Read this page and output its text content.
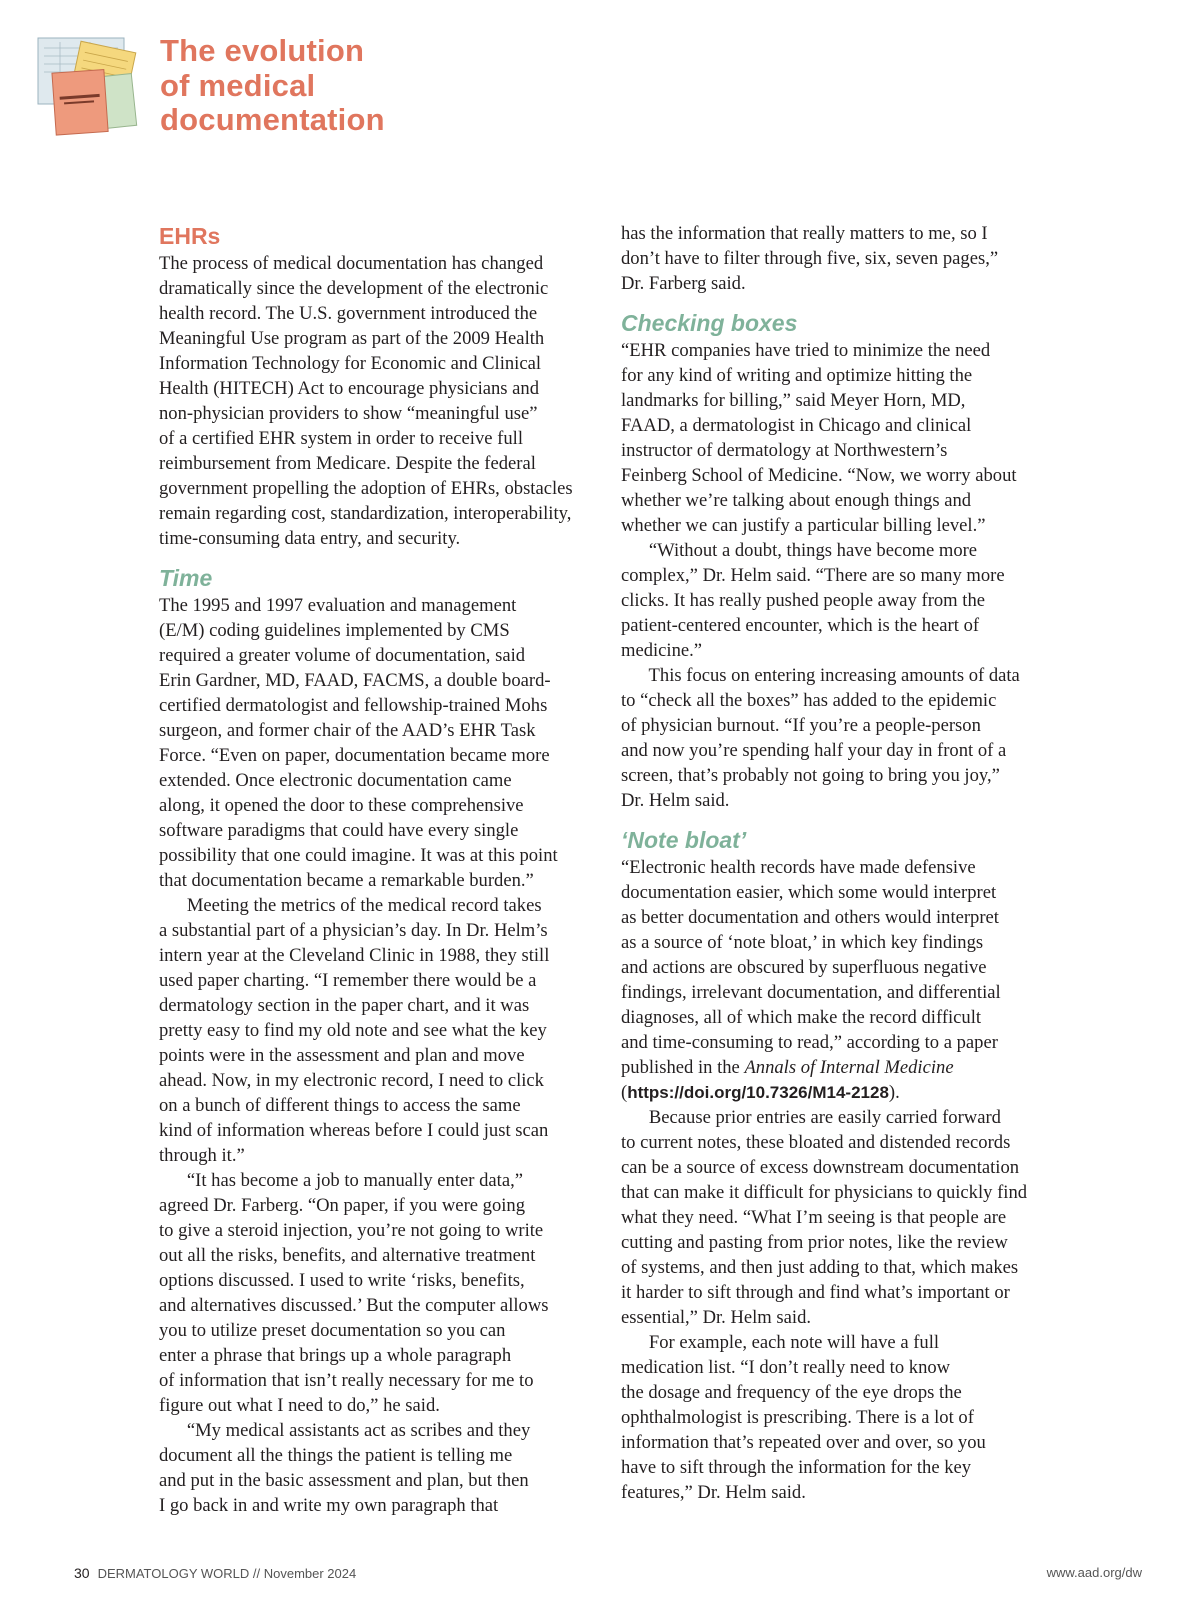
The evolution
of medical
documentation
EHRs
The process of medical documentation has changed
dramatically since the development of the electronic
health record. The U.S. government introduced the
Meaningful Use program as part of the 2009 Health
Information Technology for Economic and Clinical
Health (HITECH) Act to encourage physicians and
non-physician providers to show “meaningful use”
of a certified EHR system in order to receive full
reimbursement from Medicare. Despite the federal
government propelling the adoption of EHRs, obstacles
remain regarding cost, standardization, interoperability,
time-consuming data entry, and security.
Time
The 1995 and 1997 evaluation and management
(E/M) coding guidelines implemented by CMS
required a greater volume of documentation, said
Erin Gardner, MD, FAAD, FACMS, a double board-
certified dermatologist and fellowship-trained Mohs
surgeon, and former chair of the AAD’s EHR Task
Force. “Even on paper, documentation became more
extended. Once electronic documentation came
along, it opened the door to these comprehensive
software paradigms that could have every single
possibility that one could imagine. It was at this point
that documentation became a remarkable burden.”
Meeting the metrics of the medical record takes
a substantial part of a physician’s day. In Dr. Helm’s
intern year at the Cleveland Clinic in 1988, they still
used paper charting. “I remember there would be a
dermatology section in the paper chart, and it was
pretty easy to find my old note and see what the key
points were in the assessment and plan and move
ahead. Now, in my electronic record, I need to click
on a bunch of different things to access the same
kind of information whereas before I could just scan
through it.”
“It has become a job to manually enter data,”
agreed Dr. Farberg. “On paper, if you were going
to give a steroid injection, you’re not going to write
out all the risks, benefits, and alternative treatment
options discussed. I used to write ‘risks, benefits,
and alternatives discussed.’ But the computer allows
you to utilize preset documentation so you can
enter a phrase that brings up a whole paragraph
of information that isn’t really necessary for me to
figure out what I need to do,” he said.
“My medical assistants act as scribes and they
document all the things the patient is telling me
and put in the basic assessment and plan, but then
I go back in and write my own paragraph that
has the information that really matters to me, so I
don’t have to filter through five, six, seven pages,”
Dr. Farberg said.
Checking boxes
“EHR companies have tried to minimize the need
for any kind of writing and optimize hitting the
landmarks for billing,” said Meyer Horn, MD,
FAAD, a dermatologist in Chicago and clinical
instructor of dermatology at Northwestern’s
Feinberg School of Medicine. “Now, we worry about
whether we’re talking about enough things and
whether we can justify a particular billing level.”
“Without a doubt, things have become more
complex,” Dr. Helm said. “There are so many more
clicks. It has really pushed people away from the
patient-centered encounter, which is the heart of
medicine.”
This focus on entering increasing amounts of data
to “check all the boxes” has added to the epidemic
of physician burnout. “If you’re a people-person
and now you’re spending half your day in front of a
screen, that’s probably not going to bring you joy,”
Dr. Helm said.
‘Note bloat’
“Electronic health records have made defensive
documentation easier, which some would interpret
as better documentation and others would interpret
as a source of ‘note bloat,’ in which key findings
and actions are obscured by superfluous negative
findings, irrelevant documentation, and differential
diagnoses, all of which make the record difficult
and time-consuming to read,” according to a paper
published in the Annals of Internal Medicine
(https://doi.org/10.7326/M14-2128).
Because prior entries are easily carried forward
to current notes, these bloated and distended records
can be a source of excess downstream documentation
that can make it difficult for physicians to quickly find
what they need. “What I’m seeing is that people are
cutting and pasting from prior notes, like the review
of systems, and then just adding to that, which makes
it harder to sift through and find what’s important or
essential,” Dr. Helm said.
For example, each note will have a full
medication list. “I don’t really need to know
the dosage and frequency of the eye drops the
ophthalmologist is prescribing. There is a lot of
information that’s repeated over and over, so you
have to sift through the information for the key
features,” Dr. Helm said.
30 DERMATOLOGY WORLD // November 2024	www.aad.org/dw
